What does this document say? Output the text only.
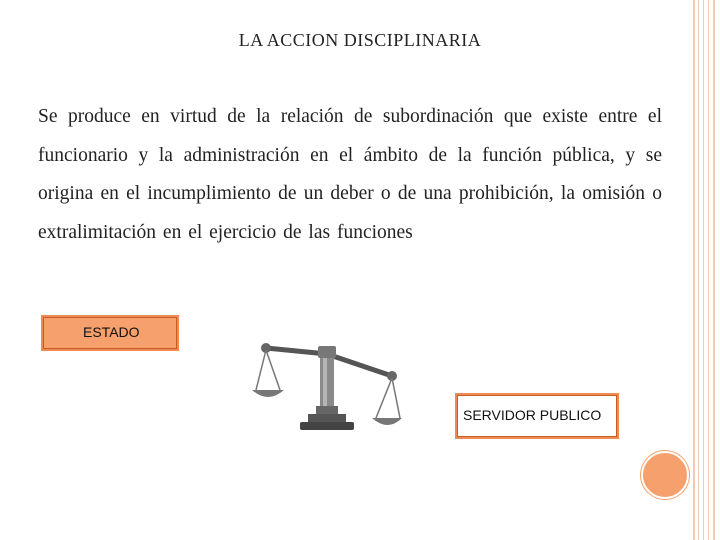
LA ACCION DISCIPLINARIA
Se produce en virtud de la relación de subordinación que existe entre el funcionario y la administración en el ámbito de la función pública, y se origina en el incumplimiento de un deber o de una prohibición, la omisión o extralimitación en el ejercicio de las funciones
ESTADO
SERVIDOR PUBLICO
